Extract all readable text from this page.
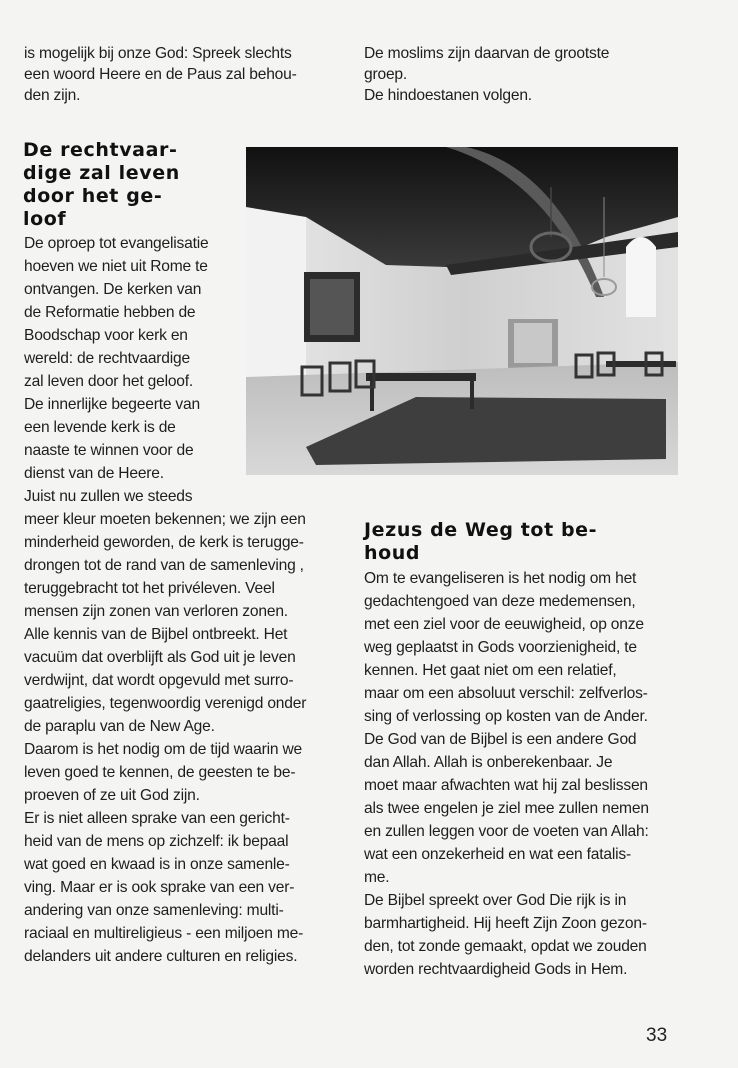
is mogelijk bij onze God: Spreek slechts
een woord Heere en de Paus zal behou-
den zijn.
De rechtvaar-
dige zal leven
door het ge-
loof
De oproep tot evangelisatie
hoeven we niet uit Rome te
ontvangen. De kerken van
de Reformatie hebben de
Boodschap voor kerk en
wereld: de rechtvaardige
zal leven door het geloof.
De innerlijke begeerte van
een levende kerk is de
naaste te winnen voor de
dienst van de Heere.
Juist nu zullen we steeds
meer kleur moeten bekennen; we zijn een
minderheid geworden, de kerk is terugge-
drongen tot de rand van de samenleving ,
teruggebracht tot het privéleven. Veel
mensen zijn zonen van verloren zonen.
Alle kennis van de Bijbel ontbreekt. Het
vacuüm dat overblijft als God uit je leven
verdwijnt, dat wordt opgevuld met surro-
gaatreligies, tegenwoordig verenigd onder
de paraplu van de New Age.
Daarom is het nodig om de tijd waarin we
leven goed te kennen, de geesten te be-
proeven of ze uit God zijn.
Er is niet alleen sprake van een gericht-
heid van de mens op zichzelf: ik bepaal
wat goed en kwaad is in onze samenle-
ving. Maar er is ook sprake van een ver-
andering van onze samenleving: multi-
raciaal en multireligieus - een miljoen me-
delanders uit andere culturen en religies.
De moslims zijn daarvan de grootste
groep.
De hindoestanen volgen.
Jezus de Weg tot be-
houd
Om te evangeliseren is het nodig om het
gedachtengoed van deze medemensen,
met een ziel voor de eeuwigheid, op onze
weg geplaatst in Gods voorzienigheid, te
kennen. Het gaat niet om een relatief,
maar om een absoluut verschil: zelfverlos-
sing of verlossing op kosten van de Ander.
De God van de Bijbel is een andere God
dan Allah. Allah is onberekenbaar. Je
moet maar afwachten wat hij zal beslissen
als twee engelen je ziel mee zullen nemen
en zullen leggen voor de voeten van Allah:
wat een onzekerheid en wat een fatalis-
me.
De Bijbel spreekt over God Die rijk is in
barmhartigheid. Hij heeft Zijn Zoon gezon-
den, tot zonde gemaakt, opdat we zouden
worden rechtvaardigheid Gods in Hem.
33
